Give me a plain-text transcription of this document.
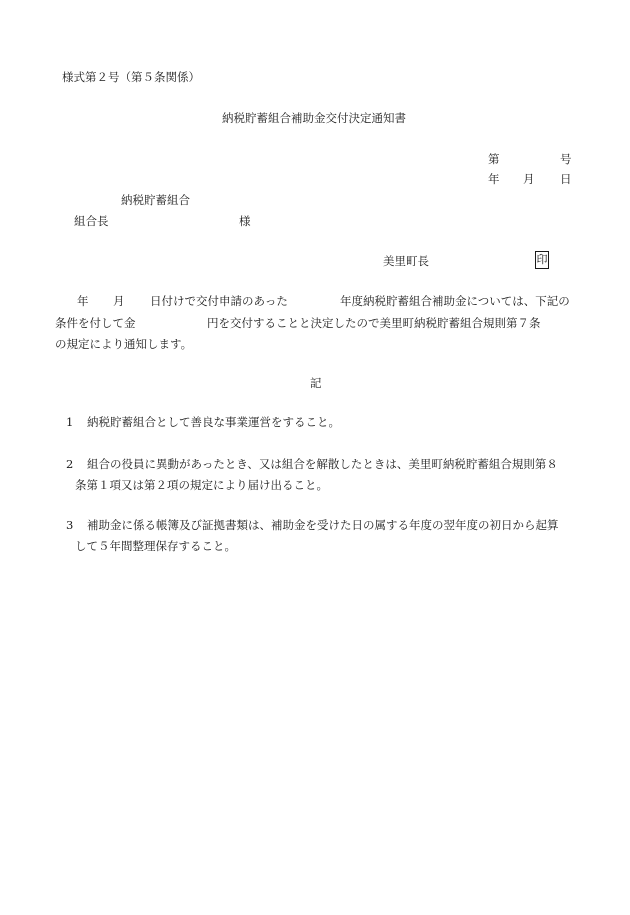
様式第２号（第５条関係）
納税貯蓄組合補助金交付決定通知書
第	号
年 月 日
納税貯蓄組合
組合長	様
美里町長	印
年 月 日付けで交付申請のあった	年度納税貯蓄組合補助金については、下記の
条件を付して金	円を交付することと決定したので美里町納税貯蓄組合規則第７条
の規定により通知します。
記
1 納税貯蓄組合として善良な事業運営をすること。
2 組合の役員に異動があったとき、又は組合を解散したときは、美里町納税貯蓄組合規則第８
条第１項又は第２項の規定により届け出ること。
3 補助金に係る帳簿及び証拠書類は、補助金を受けた日の属する年度の翌年度の初日から起算
して５年間整理保存すること。
